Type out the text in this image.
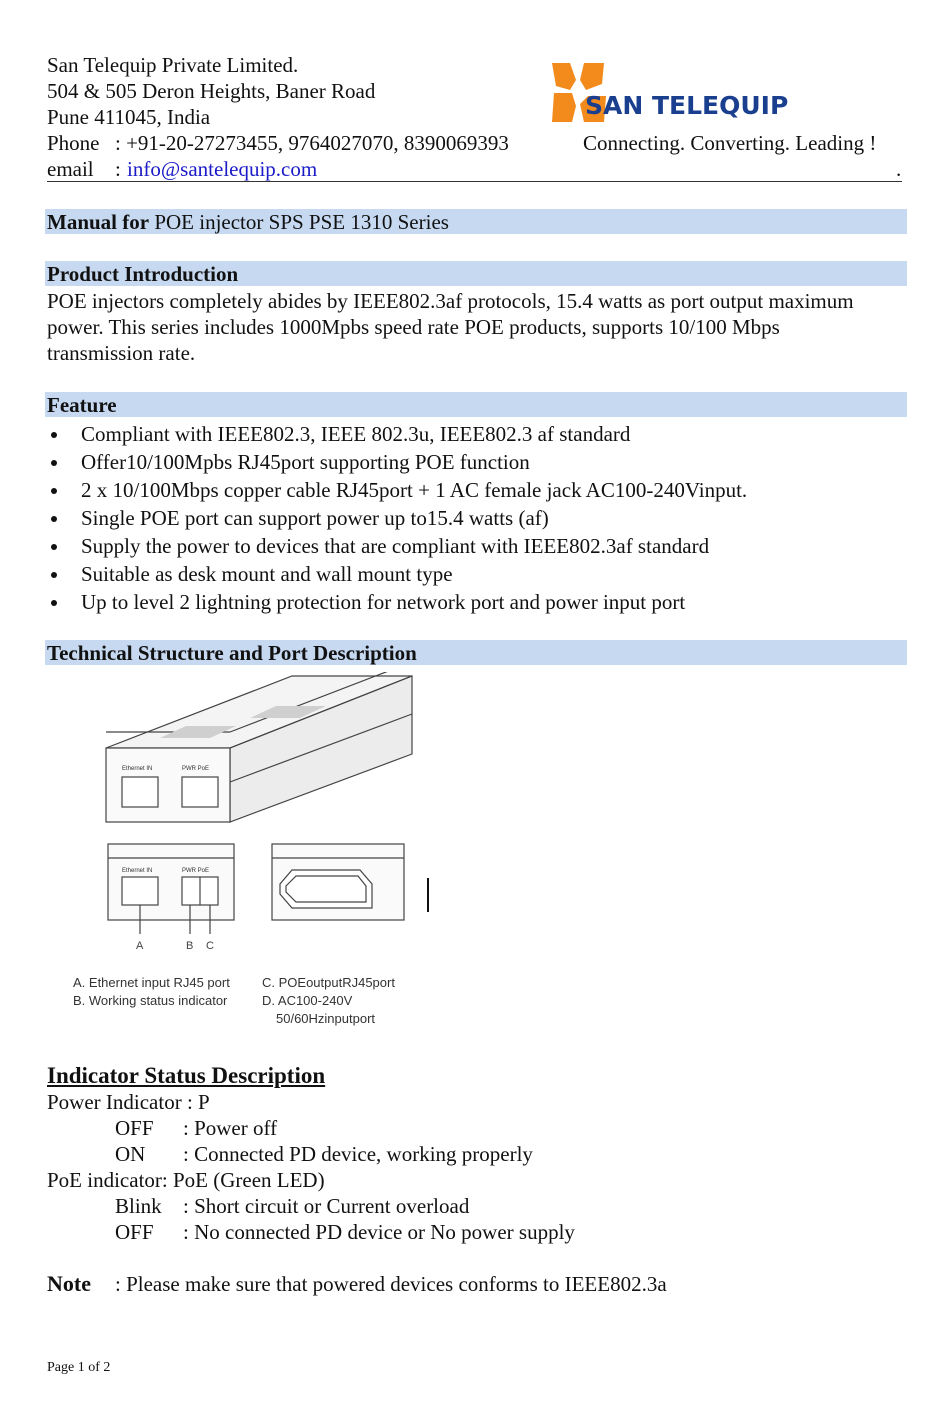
San Telequip Private Limited.
504 & 505 Deron Heights, Baner Road
Pune 411045, India
Phone : +91-20-27273455, 9764027070, 8390069393
email : info@santelequip.com	.
SAN TELEQUIP
Connecting. Converting. Leading !
Manual for POE injector SPS PSE 1310 Series
Product Introduction
POE injectors completely abides by IEEE802.3af protocols, 15.4 watts as port output maximum power. This series includes 1000Mpbs speed rate POE products, supports 10/100 Mbps transmission rate.
Feature
Compliant with IEEE802.3, IEEE 802.3u, IEEE802.3 af standard
Offer10/100Mpbs RJ45port supporting POE function
2 x 10/100Mbps copper cable RJ45port + 1 AC female jack AC100-240Vinput.
Single POE port can support power up to15.4 watts (af)
Supply the power to devices that are compliant with IEEE802.3af standard
Suitable as desk mount and wall mount type
Up to level 2 lightning protection for network port and power input port
Technical Structure and Port Description
Ethernet IN	PWR PoE
Ethernet IN	PWR PoE
A	B C
A. Ethernet input RJ45 port
B. Working status indicator
C. POEoutputRJ45port
D. AC100-240V
50/60Hzinputport
Indicator Status Description
Power Indicator : P
OFF : Power off
ON : Connected PD device, working properly
PoE indicator: PoE (Green LED)
Blink : Short circuit or Current overload
OFF : No connected PD device or No power supply
Note : Please make sure that powered devices conforms to IEEE802.3a
Page 1 of 2
